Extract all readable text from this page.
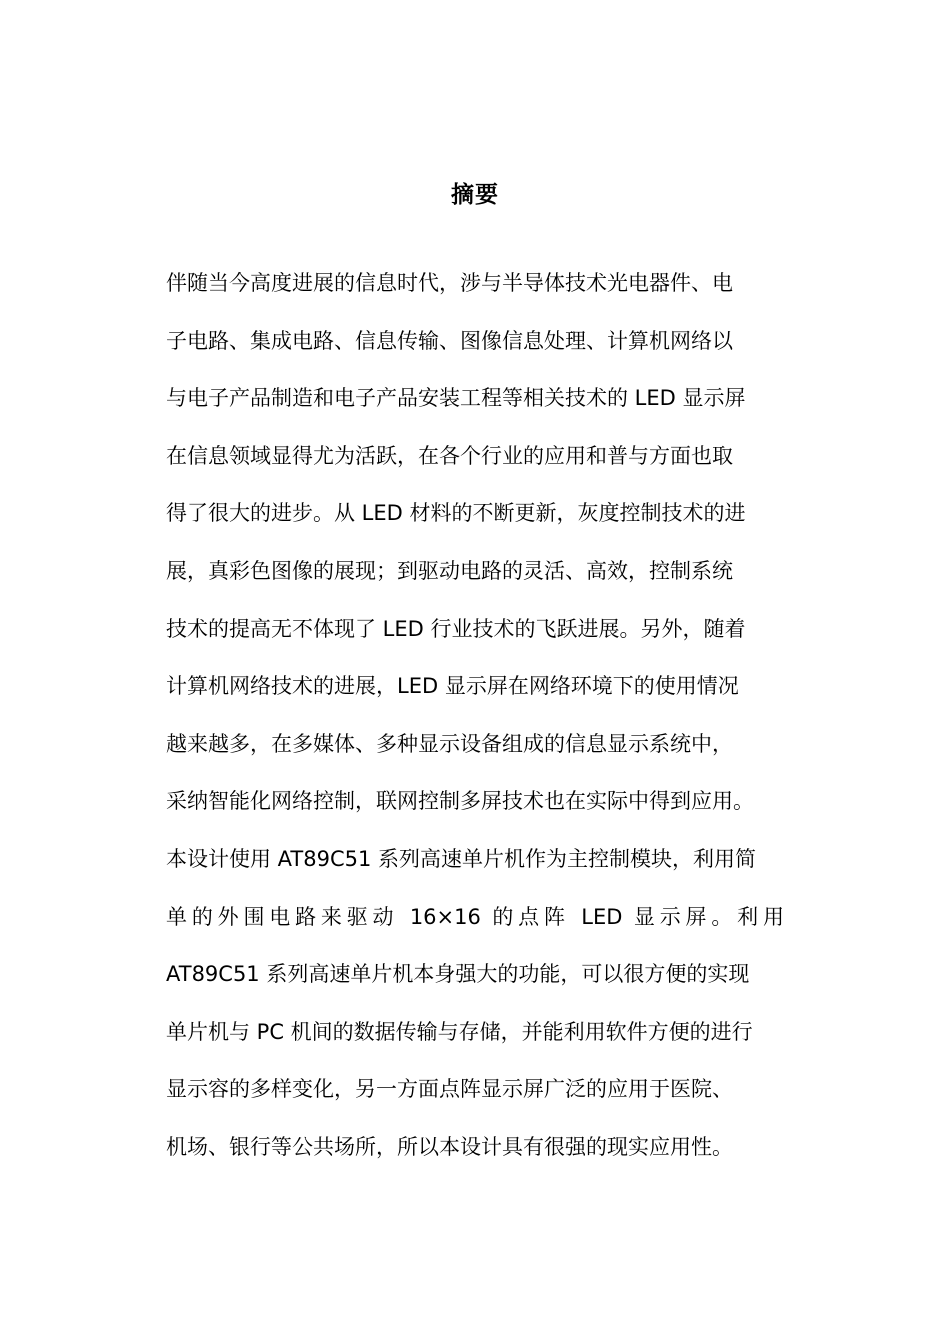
摘要
伴随当今高度进展的信息时代，涉与半导体技术光电器件、电
子电路、集成电路、信息传输、图像信息处理、计算机网络以
与电子产品制造和电子产品安装工程等相关技术的 LED 显示屏
在信息领域显得尤为活跃，在各个行业的应用和普与方面也取
得了很大的进步。从 LED 材料的不断更新，灰度控制技术的进
展，真彩色图像的展现；到驱动电路的灵活、高效，控制系统
技术的提高无不体现了 LED 行业技术的飞跃进展。另外，随着
计算机网络技术的进展，LED 显示屏在网络环境下的使用情况
越来越多，在多媒体、多种显示设备组成的信息显示系统中，
采纳智能化网络控制，联网控制多屏技术也在实际中得到应用。
本设计使用 AT89C51 系列高速单片机作为主控制模块，利用简
单的外围电路来驱动 16×16 的点阵 LED 显示屏。利用
AT89C51 系列高速单片机本身强大的功能，可以很方便的实现
单片机与 PC 机间的数据传输与存储，并能利用软件方便的进行
显示容的多样变化，另一方面点阵显示屏广泛的应用于医院、
机场、银行等公共场所，所以本设计具有很强的现实应用性。
